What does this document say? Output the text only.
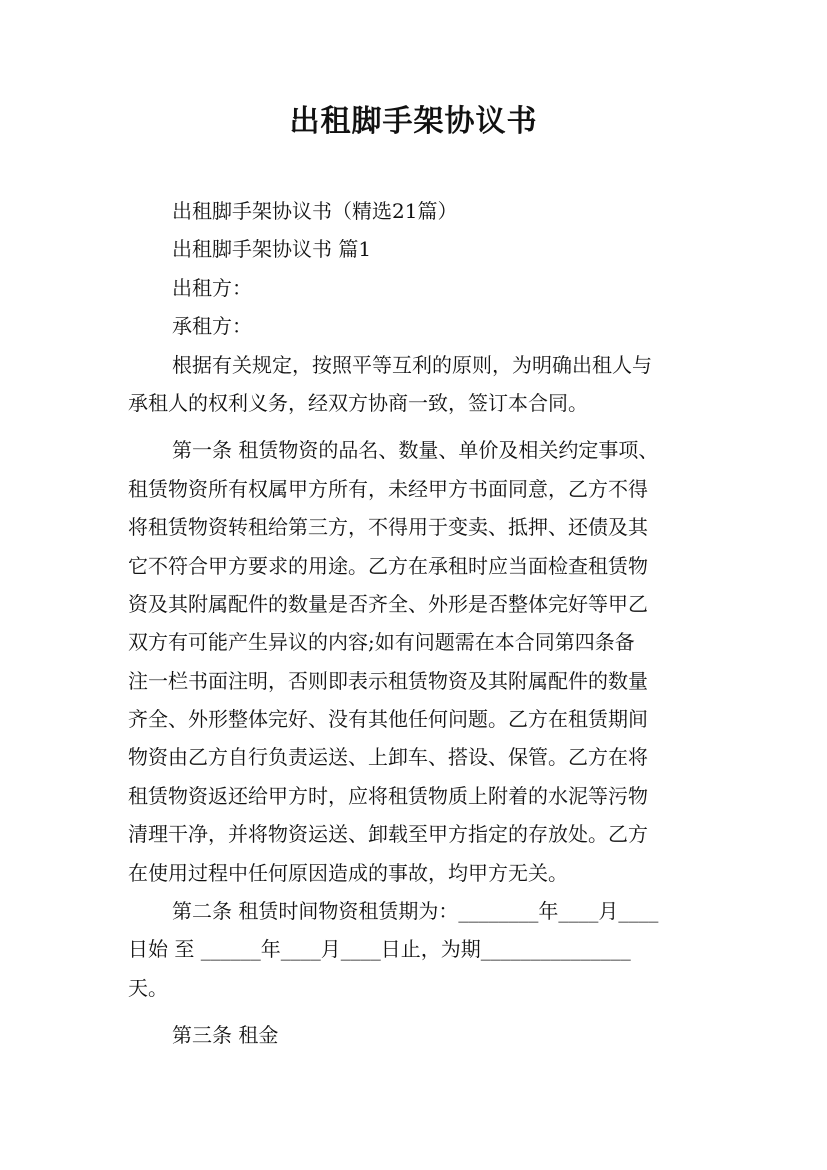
出租脚手架协议书

出租脚手架协议书（精选21篇）

出租脚手架协议书 篇1

出租方：

承租方：

根据有关规定，按照平等互利的原则，为明确出租人与

承租人的权利义务，经双方协商一致，签订本合同。

第一条 租赁物资的品名、数量、单价及相关约定事项、

租赁物资所有权属甲方所有，未经甲方书面同意，乙方不得

将租赁物资转租给第三方，不得用于变卖、抵押、还债及其

它不符合甲方要求的用途。乙方在承租时应当面检查租赁物

资及其附属配件的数量是否齐全、外形是否整体完好等甲乙

双方有可能产生异议的内容;如有问题需在本合同第四条备

注一栏书面注明，否则即表示租赁物资及其附属配件的数量

齐全、外形整体完好、没有其他任何问题。乙方在租赁期间

物资由乙方自行负责运送、上卸车、搭设、保管。乙方在将

租赁物资返还给甲方时，应将租赁物质上附着的水泥等污物

清理干净，并将物资运送、卸载至甲方指定的存放处。乙方

在使用过程中任何原因造成的事故，均甲方无关。

第二条 租赁时间物资租赁期为：________年____月____

日始 至 ______年____月____日止，为期_______________

天。

第三条 租金
